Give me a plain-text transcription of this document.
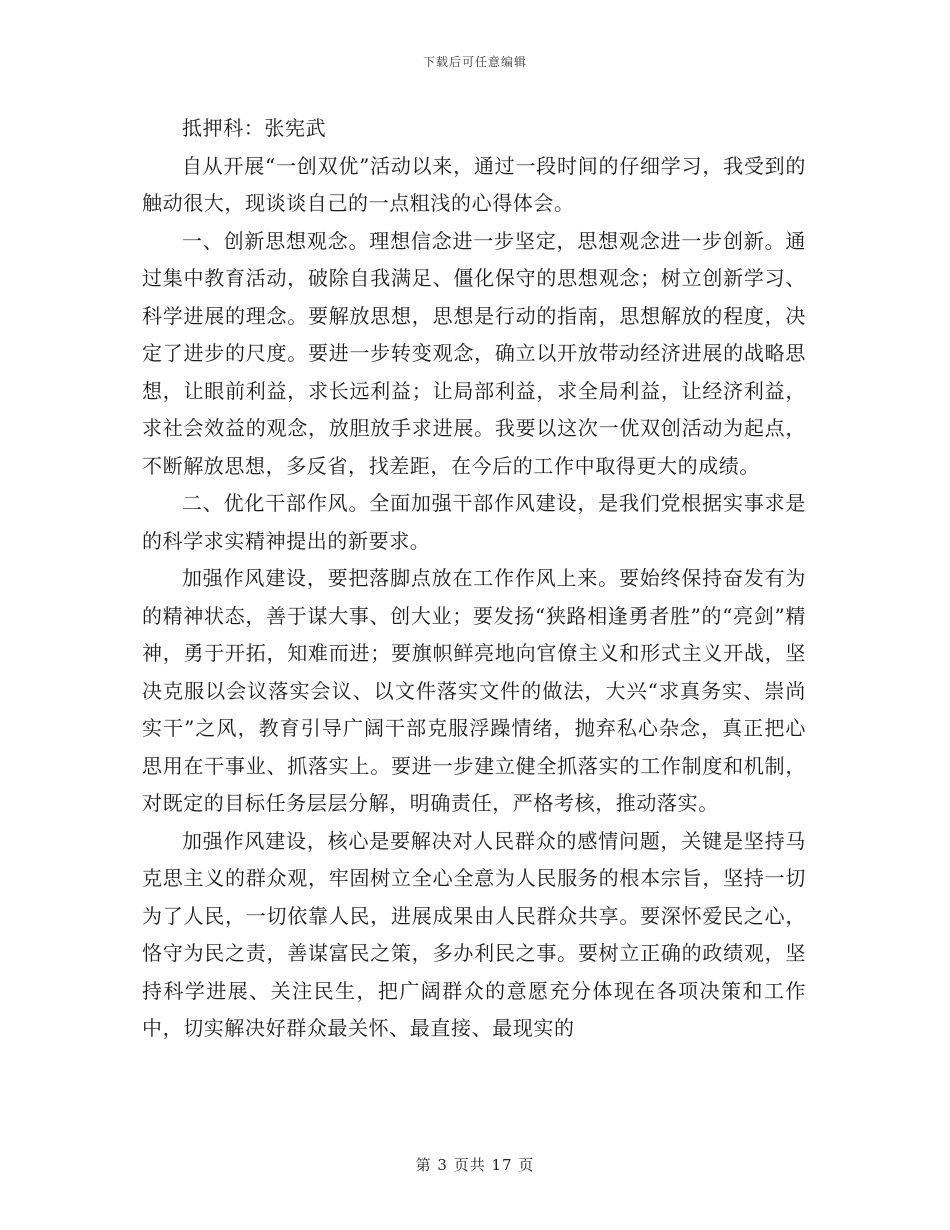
下载后可任意编辑

抵押科：张宪武

自从开展“一创双优”活动以来，通过一段时间的仔细学习，我受到的触动很大，现谈谈自己的一点粗浅的心得体会。

一、创新思想观念。理想信念进一步坚定，思想观念进一步创新。通过集中教育活动，破除自我满足、僵化保守的思想观念；树立创新学习、科学进展的理念。要解放思想，思想是行动的指南，思想解放的程度，决定了进步的尺度。要进一步转变观念，确立以开放带动经济进展的战略思想，让眼前利益，求长远利益；让局部利益，求全局利益，让经济利益，求社会效益的观念，放胆放手求进展。我要以这次一优双创活动为起点，不断解放思想，多反省，找差距，在今后的工作中取得更大的成绩。

二、优化干部作风。全面加强干部作风建设，是我们党根据实事求是的科学求实精神提出的新要求。

加强作风建设，要把落脚点放在工作作风上来。要始终保持奋发有为的精神状态，善于谋大事、创大业；要发扬“狭路相逢勇者胜”的“亮剑”精神，勇于开拓，知难而进；要旗帜鲜亮地向官僚主义和形式主义开战，坚决克服以会议落实会议、以文件落实文件的做法，大兴“求真务实、崇尚实干”之风，教育引导广阔干部克服浮躁情绪，抛弃私心杂念，真正把心思用在干事业、抓落实上。要进一步建立健全抓落实的工作制度和机制，对既定的目标任务层层分解，明确责任，严格考核，推动落实。

加强作风建设，核心是要解决对人民群众的感情问题，关键是坚持马克思主义的群众观，牢固树立全心全意为人民服务的根本宗旨，坚持一切为了人民，一切依靠人民，进展成果由人民群众共享。要深怀爱民之心，恪守为民之责，善谋富民之策，多办利民之事。要树立正确的政绩观，坚持科学进展、关注民生，把广阔群众的意愿充分体现在各项决策和工作中，切实解决好群众最关怀、最直接、最现实的

第 3 页共 17 页
